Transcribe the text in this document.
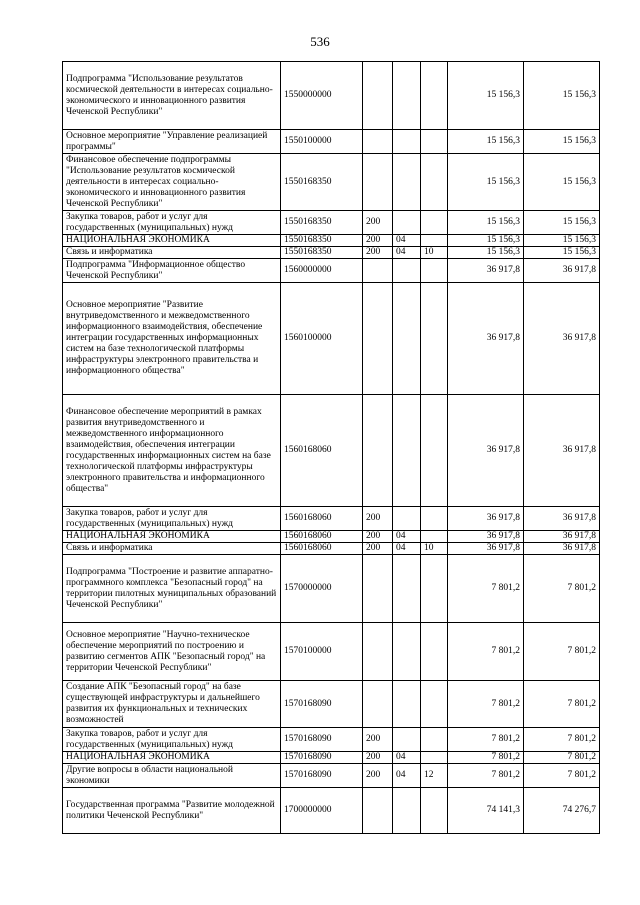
536
Подпрограмма "Использование результатов космической деятельности в интересах социально-экономического и инновационного развития Чеченской Республики"	1550000000				15 156,3	15 156,3
Основное мероприятие "Управление реализацией программы"	1550100000				15 156,3	15 156,3
Финансовое обеспечение подпрограммы "Использование результатов космической деятельности в интересах социально-экономического и инновационного развития Чеченской Республики"	1550168350				15 156,3	15 156,3
Закупка товаров, работ и услуг для государственных (муниципальных) нужд	1550168350	200			15 156,3	15 156,3
НАЦИОНАЛЬНАЯ ЭКОНОМИКА	1550168350	200	04		15 156,3	15 156,3
Связь и информатика	1550168350	200	04	10	15 156,3	15 156,3
Подпрограмма "Информационное общество Чеченской Республики"	1560000000				36 917,8	36 917,8
Основное мероприятие "Развитие внутриведомственного и межведомственного информационного взаимодействия, обеспечение интеграции государственных информационных систем на базе технологической платформы инфраструктуры электронного правительства и информационного общества"	1560100000				36 917,8	36 917,8
Финансовое обеспечение мероприятий в рамках развития внутриведомственного и межведомственного информационного взаимодействия, обеспечения интеграции государственных информационных систем на базе технологической платформы инфраструктуры электронного правительства и информационного общества"	1560168060				36 917,8	36 917,8
Закупка товаров, работ и услуг для государственных (муниципальных) нужд	1560168060	200			36 917,8	36 917,8
НАЦИОНАЛЬНАЯ ЭКОНОМИКА	1560168060	200	04		36 917,8	36 917,8
Связь и информатика	1560168060	200	04	10	36 917,8	36 917,8
Подпрограмма "Построение и развитие аппаратно-программного комплекса "Безопасный город" на территории пилотных муниципальных образований Чеченской Республики"	1570000000				7 801,2	7 801,2
Основное мероприятие "Научно-техническое обеспечение мероприятий по построению и развитию сегментов АПК "Безопасный город" на территории Чеченской Республики"	1570100000				7 801,2	7 801,2
Создание АПК "Безопасный город" на базе существующей инфраструктуры и дальнейшего развития их функциональных и технических возможностей	1570168090				7 801,2	7 801,2
Закупка товаров, работ и услуг для государственных (муниципальных) нужд	1570168090	200			7 801,2	7 801,2
НАЦИОНАЛЬНАЯ ЭКОНОМИКА	1570168090	200	04		7 801,2	7 801,2
Другие вопросы в области национальной экономики	1570168090	200	04	12	7 801,2	7 801,2
Государственная программа "Развитие молодежной политики Чеченской Республики"	1700000000				74 141,3	74 276,7
